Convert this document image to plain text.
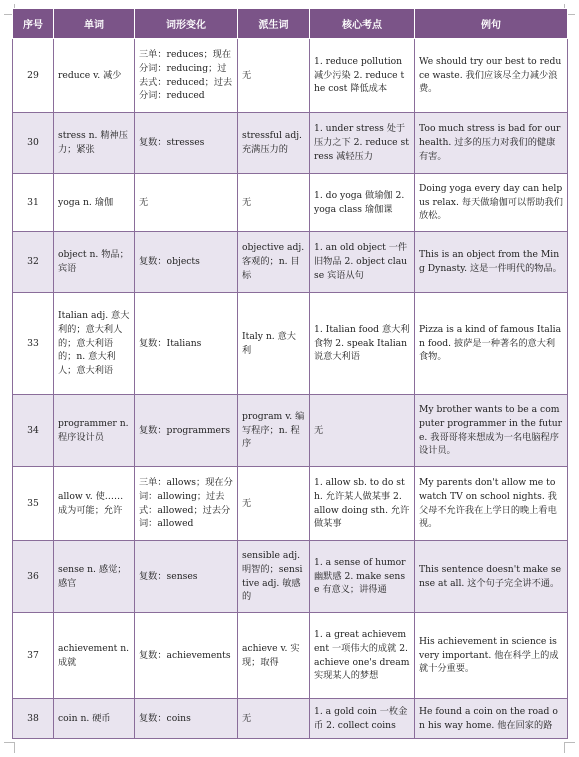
序号	单词	词形变化	派生词	核心考点	例句
29	reduce v. 减少	三单：reduces；现在分词：reducing；过去式：reduced；过去分词：reduced	无	1. reduce pollution 减少污染 2. reduce the cost 降低成本	We should try our best to reduce waste. 我们应该尽全力减少浪费。
30	stress n. 精神压力；紧张	复数：stresses	stressful adj. 充满压力的	1. under stress 处于压力之下 2. reduce stress 减轻压力	Too much stress is bad for our health. 过多的压力对我们的健康有害。
31	yoga n. 瑜伽	无	无	1. do yoga 做瑜伽 2. yoga class 瑜伽课	Doing yoga every day can help us relax. 每天做瑜伽可以帮助我们放松。
32	object n. 物品；宾语	复数：objects	objective adj. 客观的；n. 目标	1. an old object 一件旧物品 2. object clause 宾语从句	This is an object from the Ming Dynasty. 这是一件明代的物品。
33	Italian adj. 意大利的；意大利人的；意大利语的；n. 意大利人；意大利语	复数：Italians	Italy n. 意大利	1. Italian food 意大利食物 2. speak Italian 说意大利语	Pizza is a kind of famous Italian food. 披萨是一种著名的意大利食物。
34	programmer n. 程序设计员	复数：programmers	program v. 编写程序；n. 程序	无	My brother wants to be a computer programmer in the future. 我哥哥将来想成为一名电脑程序设计员。
35	allow v. 使……成为可能；允许	三单：allows；现在分词：allowing；过去式：allowed；过去分词：allowed	无	1. allow sb. to do sth. 允许某人做某事 2. allow doing sth. 允许做某事	My parents don't allow me to watch TV on school nights. 我父母不允许我在上学日的晚上看电视。
36	sense n. 感觉；感官	复数：senses	sensible adj. 明智的；sensitive adj. 敏感的	1. a sense of humor 幽默感 2. make sense 有意义；讲得通	This sentence doesn't make sense at all. 这个句子完全讲不通。
37	achievement n. 成就	复数：achievements	achieve v. 实现；取得	1. a great achievement 一项伟大的成就 2. achieve one's dream 实现某人的梦想	His achievement in science is very important. 他在科学上的成就十分重要。
38	coin n. 硬币	复数：coins	无	1. a gold coin 一枚金币 2. collect coins	He found a coin on the road on his way home. 他在回家的路
